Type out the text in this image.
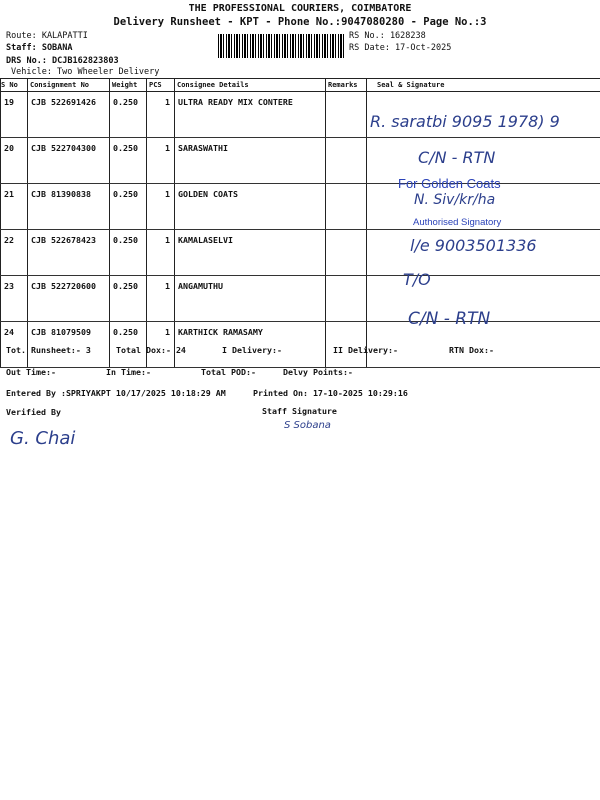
THE PROFESSIONAL COURIERS, COIMBATORE
Delivery Runsheet - KPT - Phone No.:9047080280 - Page No.:3
Route: KALAPATTI
Staff: SOBANA
DRS No.: DCJB162823803
Vehicle: Two Wheeler Delivery
RS No.: 1628238
RS Date: 17-Oct-2025
S No	Consignment No	Weight	PCS	Consignee Details	Remarks	Seal & Signature
19	CJB 522691426	0.250	1	ULTRA READY MIX CONTERE		
20	CJB 522704300	0.250	1	SARASWATHI		
21	CJB 81390838	0.250	1	GOLDEN COATS		
22	CJB 522678423	0.250	1	KAMALASELVI		
23	CJB 522720600	0.250	1	ANGAMUTHU		
24	CJB 81079509	0.250	1	KARTHICK RAMASAMY		
R. saratbi 9095 1978) 9
C/N - RTN
For Golden Coats
N. Siv/kr/ha
Authorised Signatory
l/e 9003501336
T/O
C/N - RTN
Tot. Runsheet:- 3	Total Dox:- 24	I Delivery:-	II Delivery:-	RTN Dox:-
Out Time:-	In Time:-	Total POD:-	Delvy Points:-
Entered By :SPRIYAKPT 10/17/2025 10:18:29 AM	Printed On: 17-10-2025 10:29:16
Verified By	Staff Signature
G. Chai
S Sobana
